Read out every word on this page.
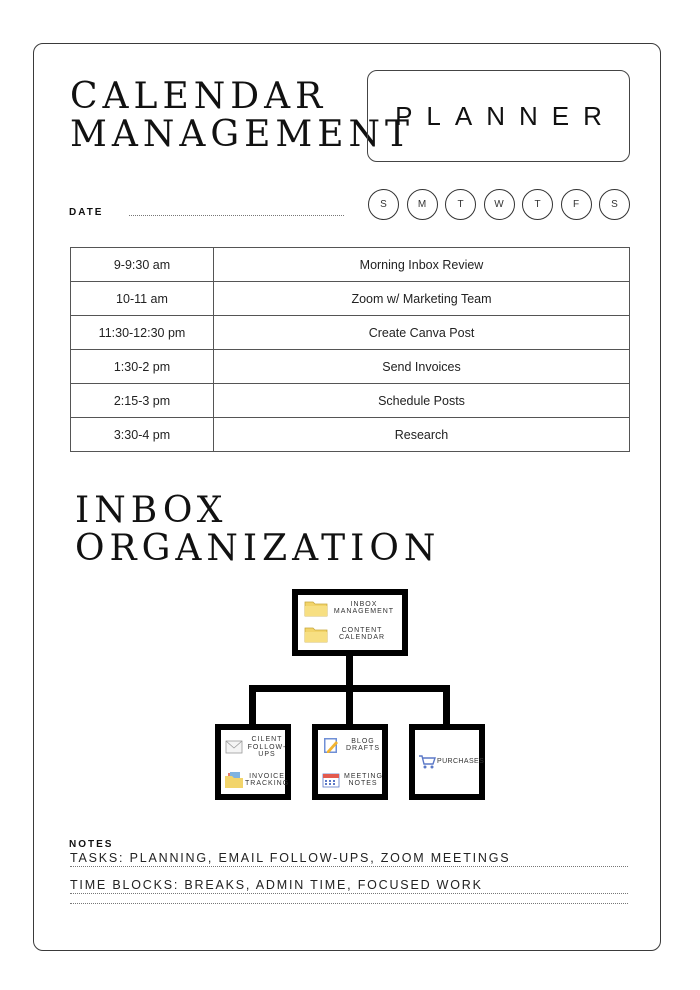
CALENDAR
MANAGEMENT
PLANNER
DATE
S	M	T	W	T	F	S
9-9:30 am	Morning Inbox Review
10-11 am	Zoom w/ Marketing Team
11:30-12:30 pm	Create Canva Post
1:30-2 pm	Send Invoices
2:15-3 pm	Schedule Posts
3:30-4 pm	Research
INBOX
ORGANIZATION
INBOX MANAGEMENT
CONTENT CALENDAR
CILENT FOLLOW-UPS
INVOICE TRACKING
BLOG DRAFTS
MEETING NOTES
PURCHASES
NOTES
TASKS: PLANNING, EMAIL FOLLOW-UPS, ZOOM MEETINGS
TIME BLOCKS: BREAKS, ADMIN TIME, FOCUSED WORK
